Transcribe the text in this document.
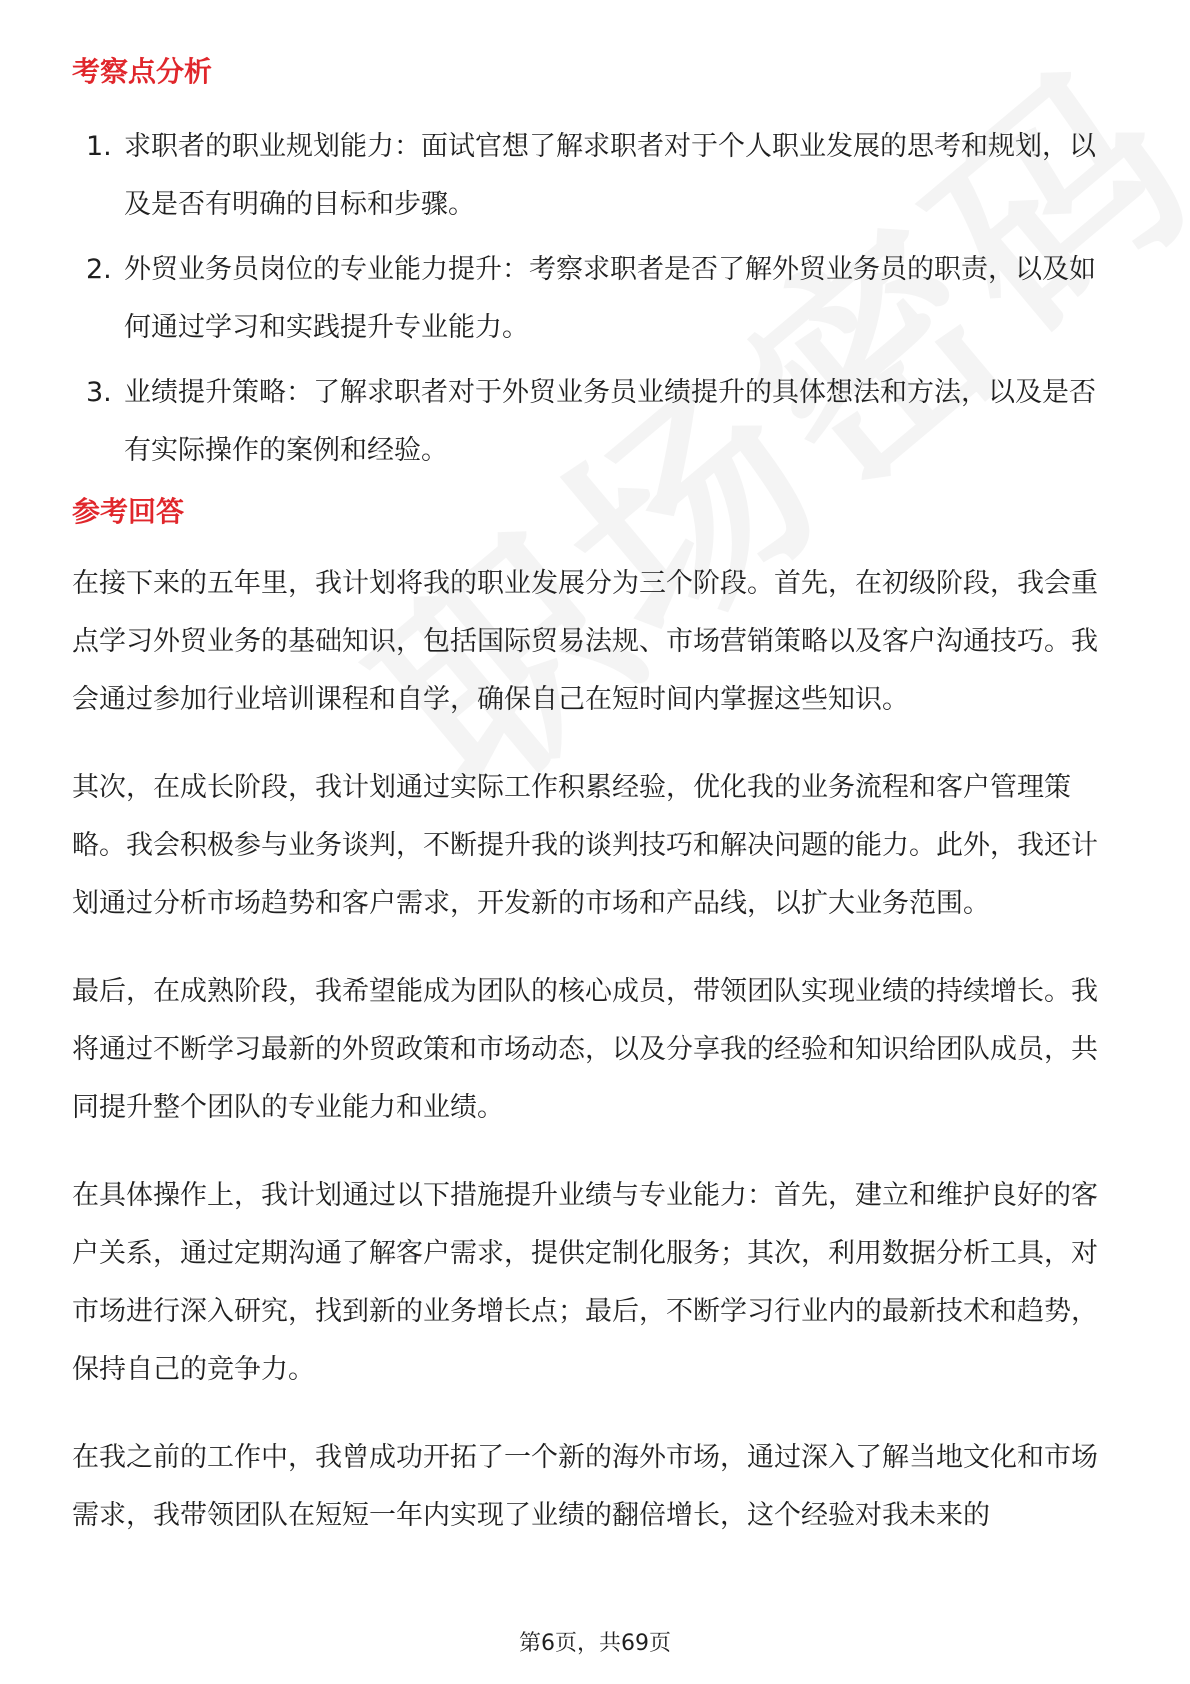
考察点分析
1. 求职者的职业规划能力：面试官想了解求职者对于个人职业发展的思考和规划，以及是否有明确的目标和步骤。
2. 外贸业务员岗位的专业能力提升：考察求职者是否了解外贸业务员的职责，以及如何通过学习和实践提升专业能力。
3. 业绩提升策略：了解求职者对于外贸业务员业绩提升的具体想法和方法，以及是否有实际操作的案例和经验。
参考回答

在接下来的五年里，我计划将我的职业发展分为三个阶段。首先，在初级阶段，我会重点学习外贸业务的基础知识，包括国际贸易法规、市场营销策略以及客户沟通技巧。我会通过参加行业培训课程和自学，确保自己在短时间内掌握这些知识。

其次，在成长阶段，我计划通过实际工作积累经验，优化我的业务流程和客户管理策略。我会积极参与业务谈判，不断提升我的谈判技巧和解决问题的能力。此外，我还计划通过分析市场趋势和客户需求，开发新的市场和产品线，以扩大业务范围。

最后，在成熟阶段，我希望能成为团队的核心成员，带领团队实现业绩的持续增长。我将通过不断学习最新的外贸政策和市场动态，以及分享我的经验和知识给团队成员，共同提升整个团队的专业能力和业绩。

在具体操作上，我计划通过以下措施提升业绩与专业能力：首先，建立和维护良好的客户关系，通过定期沟通了解客户需求，提供定制化服务；其次，利用数据分析工具，对市场进行深入研究，找到新的业务增长点；最后，不断学习行业内的最新技术和趋势，保持自己的竞争力。

在我之前的工作中，我曾成功开拓了一个新的海外市场，通过深入了解当地文化和市场需求，我带领团队在短短一年内实现了业绩的翻倍增长，这个经验对我未来的

第6页，共69页
